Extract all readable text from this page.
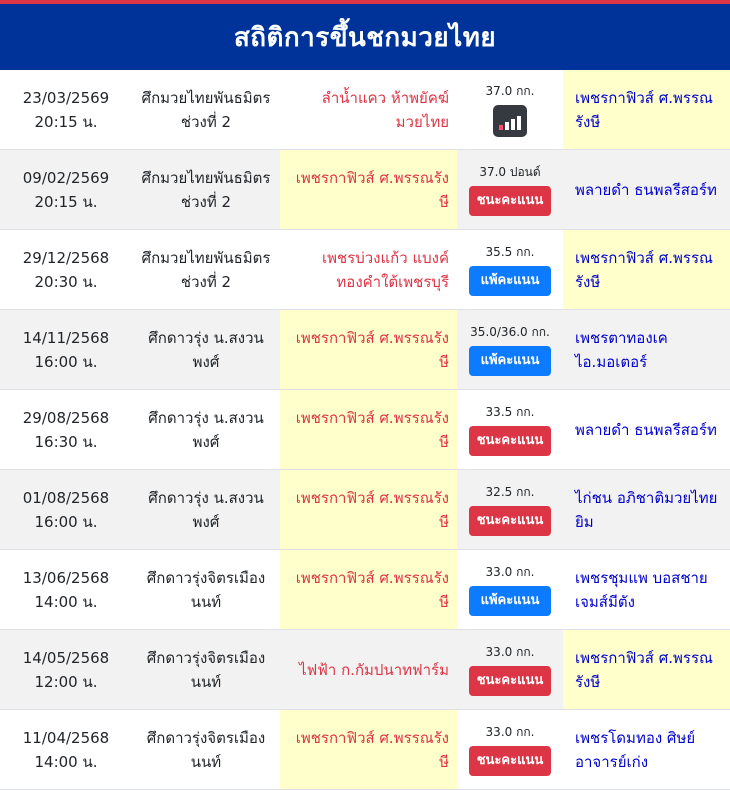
สถิติการขึ้นชกมวยไทย
23/03/2569
20:15 น.
ศึกมวยไทยพันธมิตร ช่วงที่ 2
ลำน้ำแคว ห้าพยัคฆ์มวยไทย
37.0 กก.	เพชรกาฟิวส์ ศ.พรรณรังษี
09/02/2569
20:15 น.
ศึกมวยไทยพันธมิตร ช่วงที่ 2
เพชรกาฟิวส์ ศ.พรรณรังษี
37.0 ปอนด์
ชนะคะแนน
พลายดำ ธนพลรีสอร์ท
29/12/2568
20:30 น.
ศึกมวยไทยพันธมิตร ช่วงที่ 2
เพชรบ่วงแก้ว แบงค์ทองคำใต้เพชรบุรี
35.5 กก.
แพ้คะแนน
เพชรกาฟิวส์ ศ.พรรณรังษี
14/11/2568
16:00 น.
ศึกดาวรุ่ง น.สงวนพงศ์
เพชรกาฟิวส์ ศ.พรรณรังษี
35.0/36.0 กก.
แพ้คะแนน
เพชรตาทองเคไอ.มอเตอร์
29/08/2568
16:30 น.
ศึกดาวรุ่ง น.สงวนพงศ์
เพชรกาฟิวส์ ศ.พรรณรังษี
33.5 กก.
ชนะคะแนน
พลายดำ ธนพลรีสอร์ท
01/08/2568
16:00 น.
ศึกดาวรุ่ง น.สงวนพงศ์
เพชรกาฟิวส์ ศ.พรรณรังษี
32.5 กก.
ชนะคะแนน
ไก่ชน อภิชาติมวยไทยยิม
13/06/2568
14:00 น.
ศึกดาวรุ่งจิตรเมืองนนท์
เพชรกาฟิวส์ ศ.พรรณรังษี
33.0 กก.
แพ้คะแนน
เพชรชุมแพ บอสชายเจมส์มีตัง
14/05/2568
12:00 น.
ศึกดาวรุ่งจิตรเมืองนนท์
ไฟฟ้า ก.กัมปนาทฟาร์ม
33.0 กก.
ชนะคะแนน
เพชรกาฟิวส์ ศ.พรรณรังษี
11/04/2568
14:00 น.
ศึกดาวรุ่งจิตรเมืองนนท์
เพชรกาฟิวส์ ศ.พรรณรังษี
33.0 กก.
ชนะคะแนน
เพชรโดมทอง ศิษย์อาจารย์เก่ง
